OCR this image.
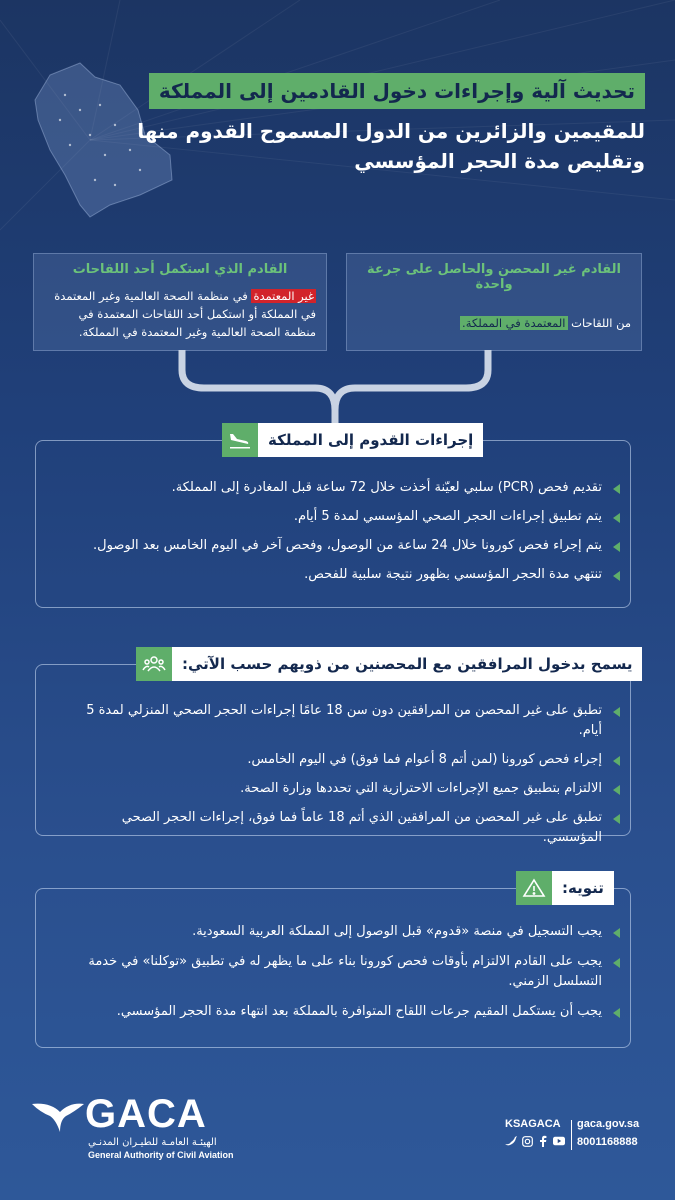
تحديث آلية وإجراءات دخول القادمين إلى المملكة
للمقيمين والزائرين من الدول المسموح القدوم منها
وتقليص مدة الحجر المؤسسي
القادم غير المحصن والحاصل على جرعة واحدة

من اللقاحات المعتمدة في المملكة.

القادم الذي استكمل أحد اللقاحات

غير المعتمدة في منظمة الصحة العالمية وغير المعتمدة في المملكة أو استكمل أحد اللقاحات المعتمدة في منظمة الصحة العالمية وغير المعتمدة في المملكة.

إجراءات القدوم إلى المملكة
تقديم فحص (PCR) سلبي لعيّنة أخذت خلال 72 ساعة قبل المغادرة إلى المملكة.
يتم تطبيق إجراءات الحجر الصحي المؤسسي لمدة 5 أيام.
يتم إجراء فحص كورونا خلال 24 ساعة من الوصول، وفحص آخر في اليوم الخامس بعد الوصول.
تنتهي مدة الحجر المؤسسي بظهور نتيجة سلبية للفحص.
يسمح بدخول المرافقين مع المحصنين من ذويهم حسب الآتي:
تطبق على غير المحصن من المرافقين دون سن 18 عامًا إجراءات الحجر الصحي المنزلي لمدة 5 أيام.
إجراء فحص كورونا (لمن أتم 8 أعوام فما فوق) في اليوم الخامس.
الالتزام بتطبيق جميع الإجراءات الاحترازية التي تحددها وزارة الصحة.
تطبق على غير المحصن من المرافقين الذي أتم 18 عاماً فما فوق، إجراءات الحجر الصحي المؤسسي.
تنويه:
يجب التسجيل في منصة «قدوم» قبل الوصول إلى المملكة العربية السعودية.
يجب على القادم الالتزام بأوقات فحص كورونا بناء على ما يظهر له في تطبيق «توكلنا» في خدمة التسلسل الزمني.
يجب أن يستكمل المقيم جرعات اللقاح المتوافرة بالمملكة بعد انتهاء مدة الحجر المؤسسي.
GACA
الهيئـة العامـة للطيـران المدنـي
General Authority of Civil Aviation
KSAGACA gaca.gov.sa
8001168888
